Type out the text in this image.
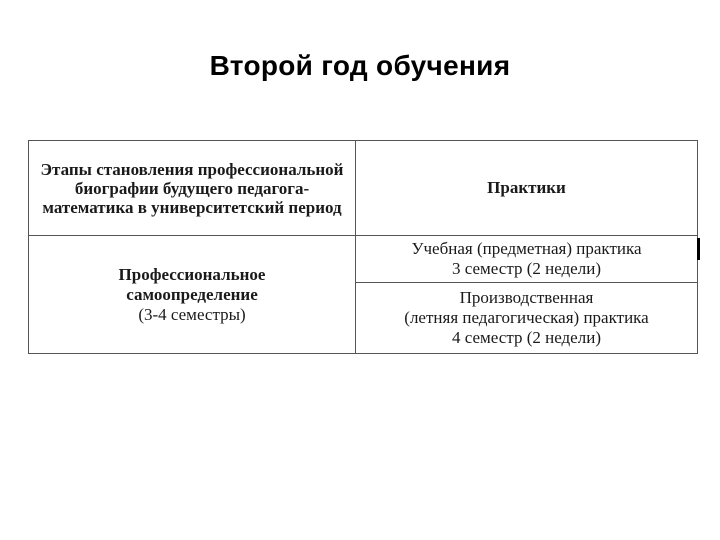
Второй год обучения
Этапы становления профессиональной биографии будущего педагога-математика в университетский период	Практики

Профессиональное
самоопределение
(3-4 семестры)	Учебная (предметная) практика
3 семестр (2 недели)

	Производственная
(летняя педагогическая) практика
4 семестр (2 недели)
